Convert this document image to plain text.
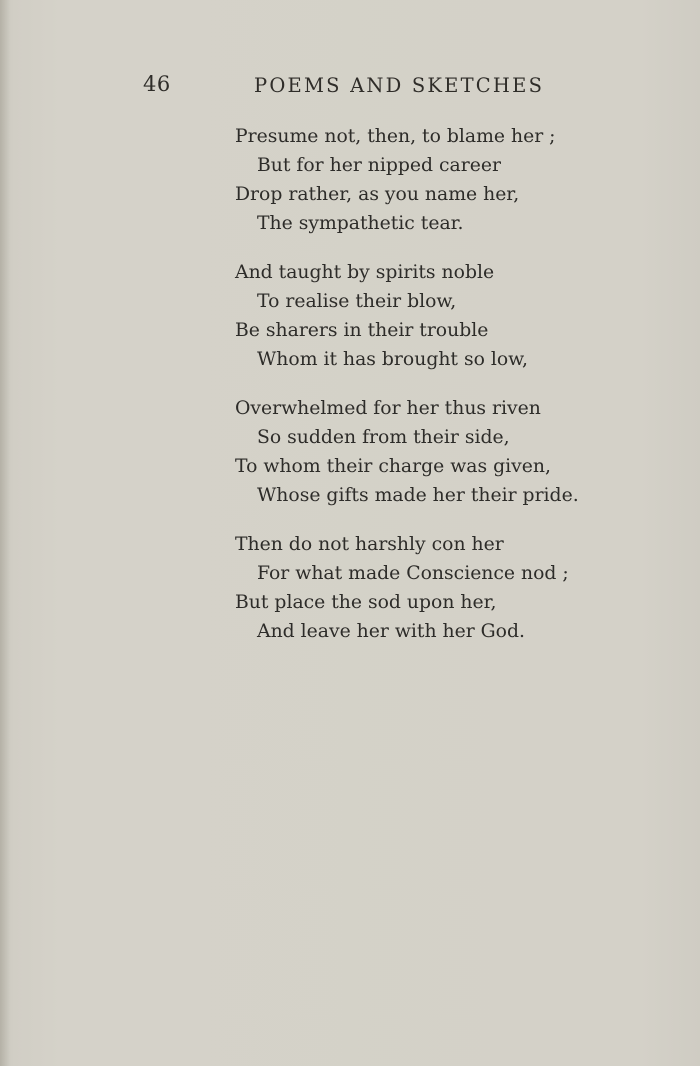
46	POEMS AND SKETCHES
Presume not, then, to blame her ;
But for her nipped career
Drop rather, as you name her,
The sympathetic tear.
And taught by spirits noble
To realise their blow,
Be sharers in their trouble
Whom it has brought so low,
Overwhelmed for her thus riven
So sudden from their side,
To whom their charge was given,
Whose gifts made her their pride.
Then do not harshly con her
For what made Conscience nod ;
But place the sod upon her,
And leave her with her God.
